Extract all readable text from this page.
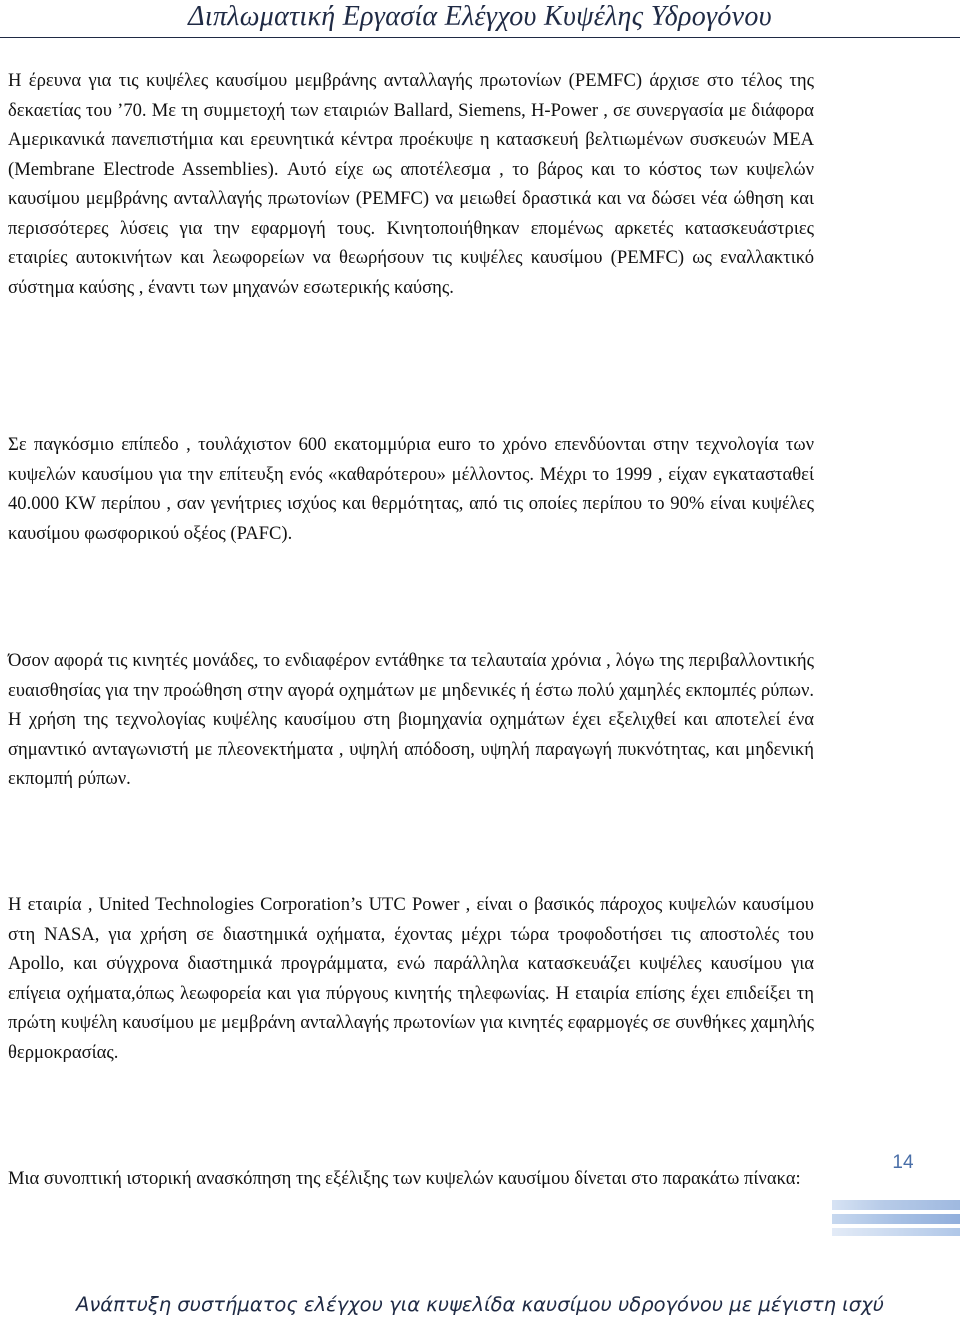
Διπλωματική Εργασία Ελέγχου Κυψέλης Υδρογόνου

Η έρευνα για τις κυψέλες καυσίμου μεμβράνης ανταλλαγής πρωτονίων (PEMFC) άρχισε στο τέλος της δεκαετίας του ’70. Με τη συμμετοχή των εταιριών Ballard, Siemens, H-Power , σε συνεργασία με διάφορα Αμερικανικά πανεπιστήμια και ερευνητικά κέντρα προέκυψε η κατασκευή βελτιωμένων συσκευών MEA (Membrane Electrode Assemblies). Αυτό είχε ως αποτέλεσμα , το βάρος και το κόστος των κυψελών καυσίμου μεμβράνης ανταλλαγής πρωτονίων (PEMFC) να μειωθεί δραστικά και να δώσει νέα ώθηση και περισσότερες λύσεις για την εφαρμογή τους. Κινητοποιήθηκαν επομένως αρκετές κατασκευάστριες εταιρίες αυτοκινήτων και λεωφορείων να θεωρήσουν τις κυψέλες καυσίμου (PEMFC) ως εναλλακτικό σύστημα καύσης , έναντι των μηχανών εσωτερικής καύσης.

Σε παγκόσμιο επίπεδο , τουλάχιστον 600 εκατομμύρια euro το χρόνο επενδύονται στην τεχνολογία των κυψελών καυσίμου για την επίτευξη ενός «καθαρότερου» μέλλοντος. Μέχρι το 1999 , είχαν εγκατασταθεί 40.000 KW περίπου , σαν γενήτριες ισχύος και θερμότητας, από τις οποίες περίπου το 90% είναι κυψέλες καυσίμου φωσφορικού οξέος (PAFC).

Όσον αφορά τις κινητές μονάδες, το ενδιαφέρον εντάθηκε τα τελαυταία χρόνια , λόγω της περιβαλλοντικής ευαισθησίας για την προώθηση στην αγορά οχημάτων με μηδενικές ή έστω πολύ χαμηλές εκπομπές ρύπων. Η χρήση της τεχνολογίας κυψέλης καυσίμου στη βιομηχανία οχημάτων έχει εξελιχθεί και αποτελεί ένα σημαντικό ανταγωνιστή με πλεονεκτήματα , υψηλή απόδοση, υψηλή παραγωγή πυκνότητας, και μηδενική εκπομπή ρύπων.

Η εταιρία , United Technologies Corporation’s UTC Power , είναι ο βασικός πάροχος κυψελών καυσίμου στη NASA, για χρήση σε διαστημικά οχήματα, έχοντας μέχρι τώρα τροφοδοτήσει τις αποστολές του Apollo, και σύγχρονα διαστημικά προγράμματα, ενώ παράλληλα κατασκευάζει κυψέλες καυσίμου για επίγεια οχήματα,όπως λεωφορεία και για πύργους κινητής τηλεφωνίας. Η εταιρία επίσης έχει επιδείξει τη πρώτη κυψέλη καυσίμου με μεμβράνη ανταλλαγής πρωτονίων για κινητές εφαρμογές σε συνθήκες χαμηλής θερμοκρασίας.

Μια συνοπτική ιστορική ανασκόπηση της εξέλιξης των κυψελών καυσίμου δίνεται στο παρακάτω πίνακα:

14
Ανάπτυξη συστήματος ελέγχου για κυψελίδα καυσίμου υδρογόνου με μέγιστη ισχύ
